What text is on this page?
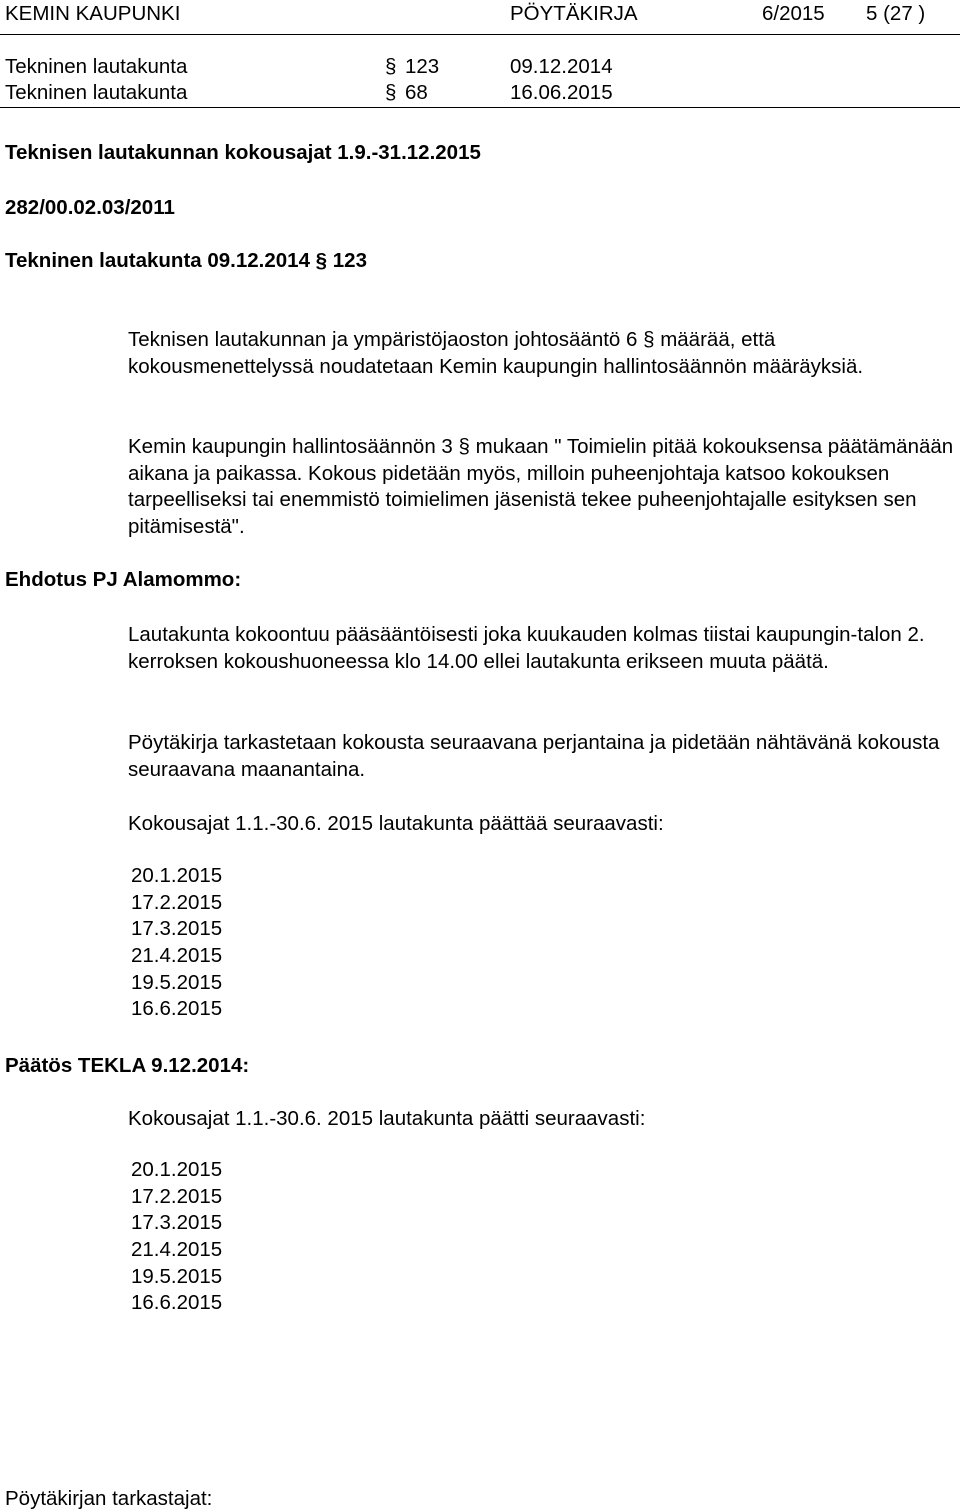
KEMIN KAUPUNKI	PÖYTÄKIRJA	6/2015 5 (27 )
Tekninen lautakunta	§ 123	09.12.2014
Tekninen lautakunta	§ 68	16.06.2015
Teknisen lautakunnan kokousajat 1.9.-31.12.2015
282/00.02.03/2011
Tekninen lautakunta 09.12.2014 § 123
Teknisen lautakunnan ja ympäristöjaoston johtosääntö 6 § määrää, että kokousmenettelyssä noudatetaan Kemin kaupungin hallintosäännön määräyksiä.
Kemin kaupungin hallintosäännön 3 § mukaan " Toimielin pitää kokouksensa päätämänään aikana ja paikassa. Kokous pidetään myös, milloin puheenjohtaja katsoo kokouksen tarpeelliseksi tai enemmistö toimielimen jäsenistä tekee puheenjohtajalle esityksen sen pitämisestä".
Ehdotus PJ Alamommo:
Lautakunta kokoontuu pääsääntöisesti joka kuukauden kolmas tiistai kaupungin-talon 2. kerroksen kokoushuoneessa klo 14.00 ellei lautakunta erikseen muuta päätä.
Pöytäkirja tarkastetaan kokousta seuraavana perjantaina ja pidetään nähtävänä kokousta seuraavana maanantaina.
Kokousajat 1.1.-30.6. 2015 lautakunta päättää seuraavasti:
20.1.2015
17.2.2015
17.3.2015
21.4.2015
19.5.2015
16.6.2015
Päätös TEKLA 9.12.2014:
Kokousajat 1.1.-30.6. 2015 lautakunta päätti seuraavasti:
20.1.2015
17.2.2015
17.3.2015
21.4.2015
19.5.2015
16.6.2015
Pöytäkirjan tarkastajat:
